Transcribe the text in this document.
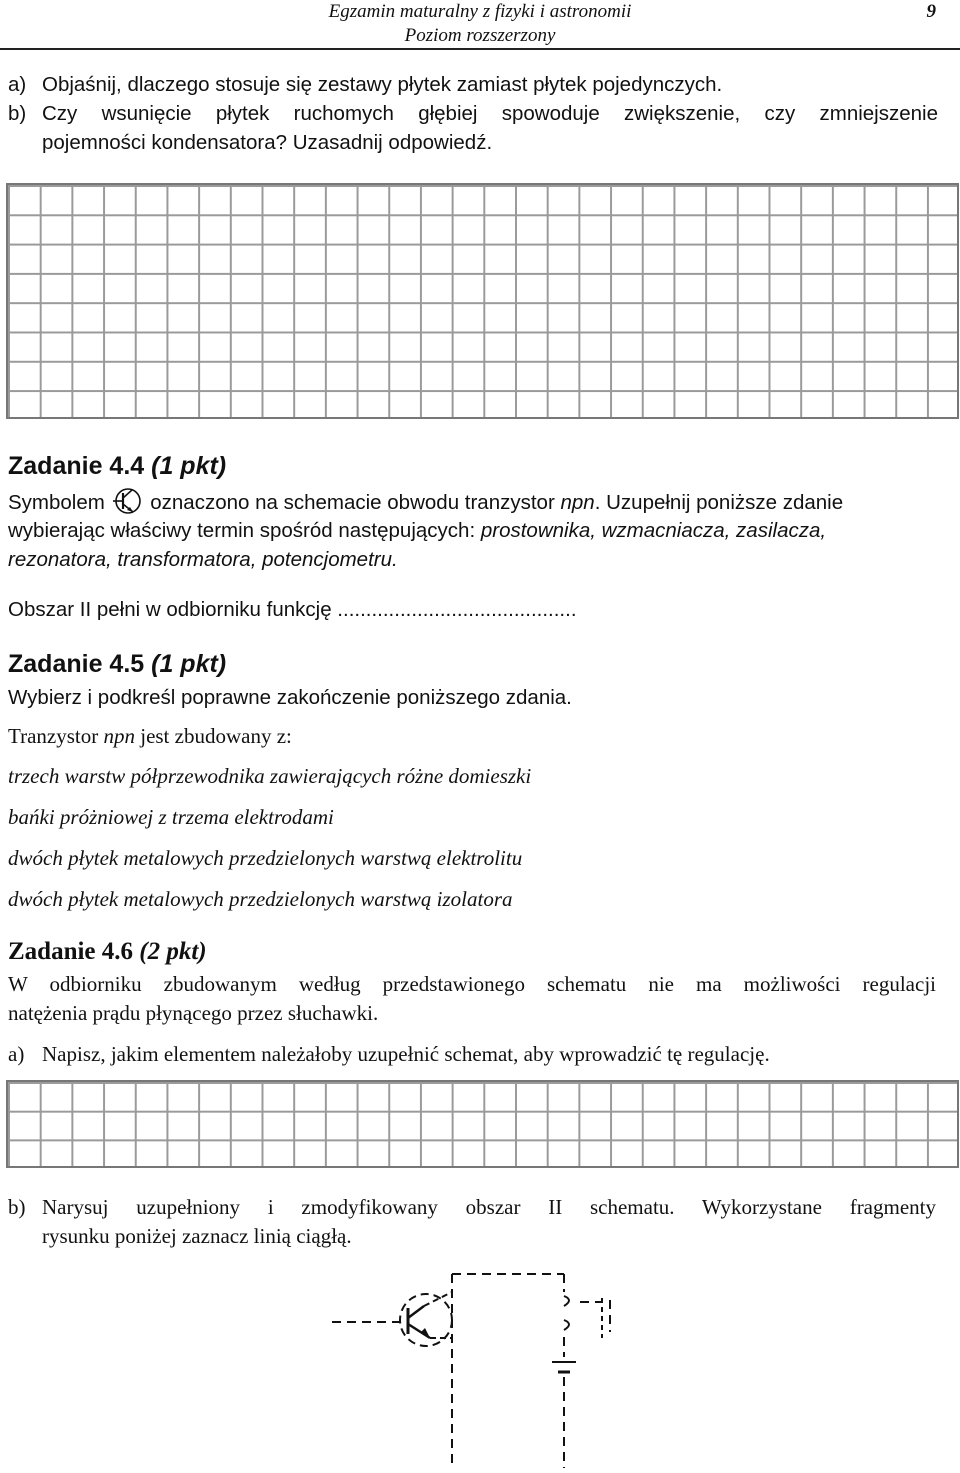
Egzamin maturalny z fizyki i astronomii
Poziom rozszerzony
9
a) Objaśnij, dlaczego stosuje się zestawy płytek zamiast płytek pojedynczych.
b) Czy wsunięcie płytek ruchomych głębiej spowoduje zwiększenie, czy zmniejszenie
pojemności kondensatora? Uzasadnij odpowiedź.
Zadanie 4.4 (1 pkt)
Symbolem oznaczono na schemacie obwodu tranzystor npn. Uzupełnij poniższe zdanie
wybierając właściwy termin spośród następujących: prostownika, wzmacniacza, zasilacza,
rezonatora, transformatora, potencjometru.
Obszar II pełni w odbiorniku funkcję ..........................................
Zadanie 4.5 (1 pkt)
Wybierz i podkreśl poprawne zakończenie poniższego zdania.
Tranzystor npn jest zbudowany z:
trzech warstw półprzewodnika zawierających różne domieszki
bańki próżniowej z trzema elektrodami
dwóch płytek metalowych przedzielonych warstwą elektrolitu
dwóch płytek metalowych przedzielonych warstwą izolatora
Zadanie 4.6 (2 pkt)
W odbiorniku zbudowanym według przedstawionego schematu nie ma możliwości regulacji
natężenia prądu płynącego przez słuchawki.
a) Napisz, jakim elementem należałoby uzupełnić schemat, aby wprowadzić tę regulację.
b) Narysuj uzupełniony i zmodyfikowany obszar II schematu. Wykorzystane fragmenty
rysunku poniżej zaznacz linią ciągłą.
